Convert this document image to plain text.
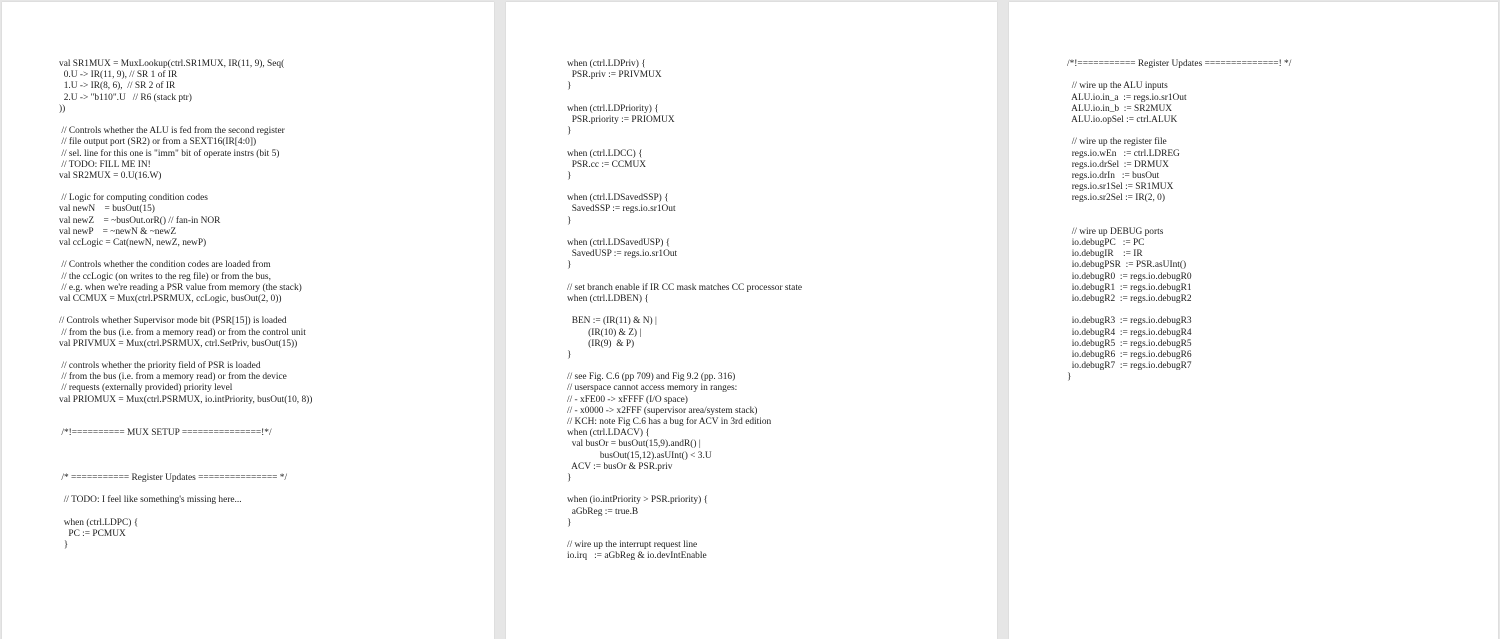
val SR1MUX = MuxLookup(ctrl.SR1MUX, IR(11, 9), Seq(
0.U -> IR(11, 9), // SR 1 of IR
1.U -> IR(8, 6),  // SR 2 of IR
2.U -> "b110".U   // R6 (stack ptr)
))
// Controls whether the ALU is fed from the second register
// file output port (SR2) or from a SEXT16(IR[4:0])
// sel. line for this one is "imm" bit of operate instrs (bit 5)
// TODO: FILL ME IN!
val SR2MUX = 0.U(16.W)
// Logic for computing condition codes
val newN    = busOut(15)
val newZ    = ~busOut.orR() // fan-in NOR
val newP    = ~newN & ~newZ
val ccLogic = Cat(newN, newZ, newP)
// Controls whether the condition codes are loaded from
// the ccLogic (on writes to the reg file) or from the bus,
// e.g. when we're reading a PSR value from memory (the stack)
val CCMUX = Mux(ctrl.PSRMUX, ccLogic, busOut(2, 0))
// Controls whether Supervisor mode bit (PSR[15]) is loaded
// from the bus (i.e. from a memory read) or from the control unit
val PRIVMUX = Mux(ctrl.PSRMUX, ctrl.SetPriv, busOut(15))
// controls whether the priority field of PSR is loaded
// from the bus (i.e. from a memory read) or from the device
// requests (externally provided) priority level
val PRIOMUX = Mux(ctrl.PSRMUX, io.intPriority, busOut(10, 8))
/*!========== MUX SETUP ===============!*/
/* =========== Register Updates =============== */
// TODO: I feel like something's missing here...
when (ctrl.LDPC) {
PC := PCMUX
}
when (ctrl.LDPriv) {
PSR.priv := PRIVMUX
}
when (ctrl.LDPriority) {
PSR.priority := PRIOMUX
}
when (ctrl.LDCC) {
PSR.cc := CCMUX
}
when (ctrl.LDSavedSSP) {
SavedSSP := regs.io.sr1Out
}
when (ctrl.LDSavedUSP) {
SavedUSP := regs.io.sr1Out
}
// set branch enable if IR CC mask matches CC processor state
when (ctrl.LDBEN) {
BEN := (IR(11) & N) |
(IR(10) & Z) |
(IR(9)  & P)
}
// see Fig. C.6 (pp 709) and Fig 9.2 (pp. 316)
// userspace cannot access memory in ranges:
// - xFE00 -> xFFFF (I/O space)
// - x0000 -> x2FFF (supervisor area/system stack)
// KCH: note Fig C.6 has a bug for ACV in 3rd edition
when (ctrl.LDACV) {
val busOr = busOut(15,9).andR() |
busOut(15,12).asUInt() < 3.U
ACV := busOr & PSR.priv
}
when (io.intPriority > PSR.priority) {
aGbReg := true.B
}
// wire up the interrupt request line
io.irq   := aGbReg & io.devIntEnable
/*!=========== Register Updates ==============! */
// wire up the ALU inputs
ALU.io.in_a  := regs.io.sr1Out
ALU.io.in_b  := SR2MUX
ALU.io.opSel := ctrl.ALUK
// wire up the register file
regs.io.wEn   := ctrl.LDREG
regs.io.drSel  := DRMUX
regs.io.drIn   := busOut
regs.io.sr1Sel := SR1MUX
regs.io.sr2Sel := IR(2, 0)
// wire up DEBUG ports
io.debugPC   := PC
io.debugIR    := IR
io.debugPSR  := PSR.asUInt()
io.debugR0  := regs.io.debugR0
io.debugR1  := regs.io.debugR1
io.debugR2  := regs.io.debugR2
io.debugR3  := regs.io.debugR3
io.debugR4  := regs.io.debugR4
io.debugR5  := regs.io.debugR5
io.debugR6  := regs.io.debugR6
io.debugR7  := regs.io.debugR7
}
